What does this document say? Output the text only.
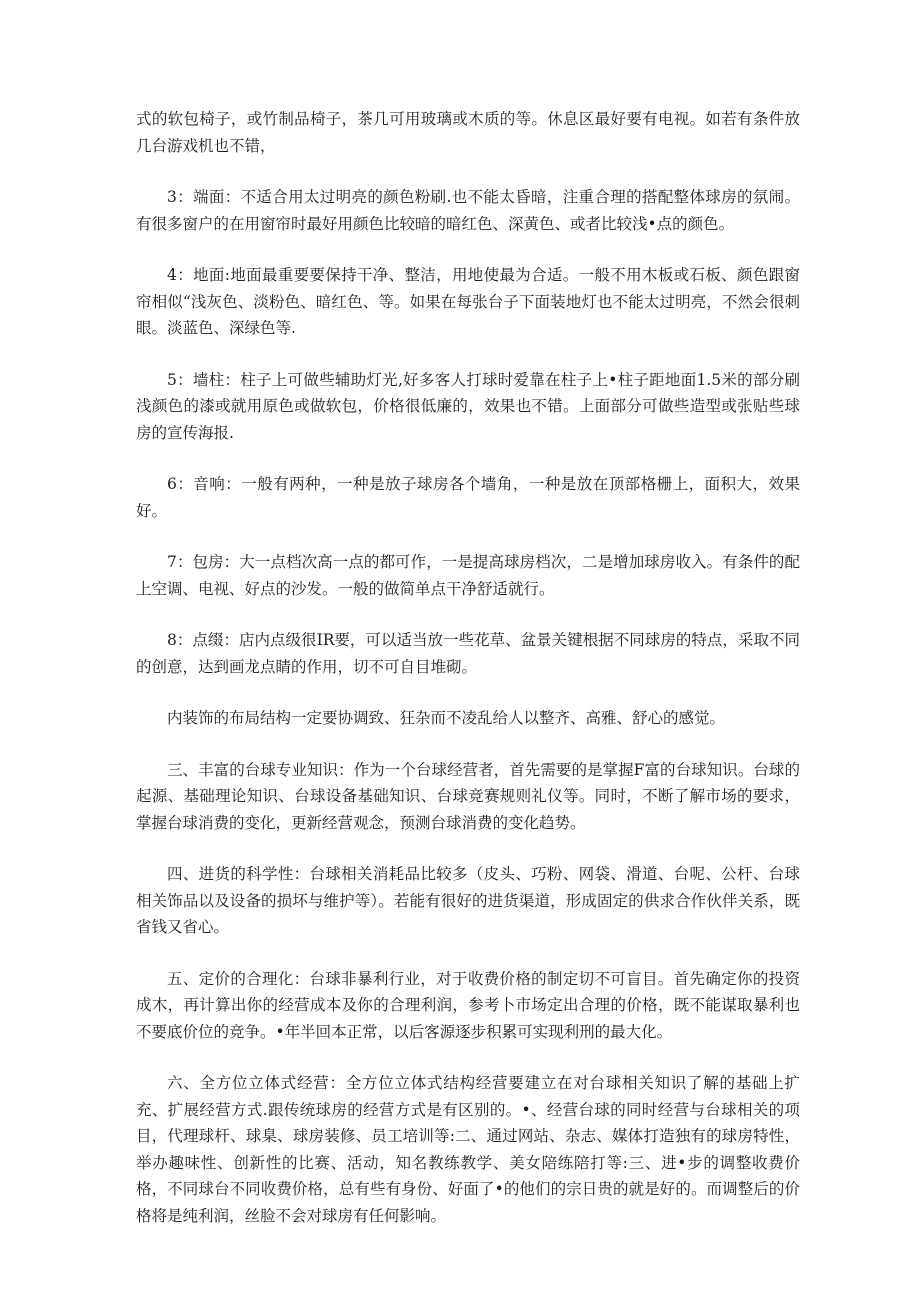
式的软包椅子，或竹制品椅子，茶几可用玻璃或木质的等。休息区最好要有电视。如若有条件放几台游戏机也不错，

3：端面：不适合用太过明亮的颜色粉刷.也不能太昏暗，注重合理的搭配整体球房的氛闹。有很多窗户的在用窗帘时最好用颜色比较暗的暗红色、深黄色、或者比较浅•点的颜色。

4：地面:地面最重要要保持干净、整洁，用地使最为合适。一般不用木板或石板、颜色跟窗帘相似“浅灰色、淡粉色、暗红色、等。如果在每张台子下面装地灯也不能太过明亮，不然会很刺眼。淡蓝色、深绿色等.

5：墙柱：柱子上可做些辅助灯光,好多客人打球时爱靠在柱子上•柱子距地面1.5米的部分刷浅颜色的漆或就用原色或做软包，价格很低廉的，效果也不错。上面部分可做些造型或张贴些球房的宣传海报.

6：音响：一般有两种，一种是放子球房各个墙角，一种是放在顶部格栅上，面积大，效果好。

7：包房：大一点档次高一点的都可作，一是提高球房档次，二是增加球房收入。有条件的配上空调、电视、好点的沙发。一般的做简单点干净舒适就行。

8：点缀：店内点级很IR要，可以适当放一些花草、盆景关键根据不同球房的特点，采取不同的创意，达到画龙点睛的作用，切不可自目堆砌。

内装饰的布局结构一定要协调致、狂杂而不凌乱给人以整齐、高雅、舒心的感觉。

三、丰富的台球专业知识：作为一个台球经营者，首先需要的是掌握F富的台球知识。台球的起源、基础理论知识、台球设备基础知识、台球竞赛规则礼仪等。同时，不断了解市场的要求，掌握台球消费的变化，更新经营观念，预测台球消费的变化趋势。

四、进货的科学性：台球相关消耗品比较多（皮头、巧粉、网袋、滑道、台呢、公杆、台球相关饰品以及设备的损坏与维护等）。若能有很好的进货渠道，形成固定的供求合作伙伴关系，既省钱又省心。

五、定价的合理化：台球非暴利行业，对于收费价格的制定切不可盲目。首先确定你的投资成木，再计算出你的经营成本及你的合理利润，参考卜市场定出合理的价格，既不能谋取暴利也不要底价位的竞争。•年半回本正常，以后客源逐步积累可实现利刑的最大化。

六、全方位立体式经营：全方位立体式结构经营要建立在对台球相关知识了解的基础上扩充、扩展经营方式.跟传统球房的经营方式是有区别的。•、经营台球的同时经营与台球相关的项目，代理球杆、球臬、球房装修、员工培训等:二、通过网站、杂志、媒体打造独有的球房特性，举办趣味性、创新性的比赛、活动，知名教练教学、美女陪练陪打等:三、进•步的调整收费价格，不同球台不同收费价格，总有些有身份、好面了•的他们的宗日贵的就是好的。而调整后的价格将是纯利润，丝脸不会对球房有任何影响。
